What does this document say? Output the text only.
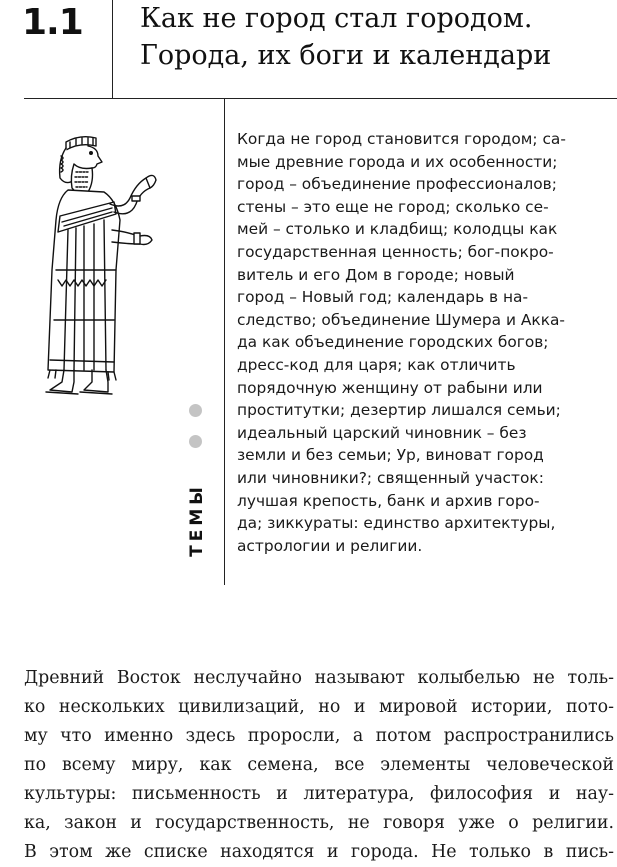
1.1 Как не город стал городом.
Города, их боги и календари
ТЕМЫ
Когда не город становится городом; са-
мые древние города и их особенности;
город – объединение профессионалов;
стены – это еще не город; сколько се-
мей – столько и кладбищ; колодцы как
государственная ценность; бог-покро-
витель и его Дом в городе; новый
город – Новый год; календарь в на-
следство; объединение Шумера и Акка-
да как объединение городских богов;
дресс-код для царя; как отличить
порядочную женщину от рабыни или
проститутки; дезертир лишался семьи;
идеальный царский чиновник – без
земли и без семьи; Ур, виноват город
или чиновники?; священный участок:
лучшая крепость, банк и архив горо-
да; зиккураты: единство архитектуры,
астрологии и религии.
Древний Восток неслучайно называют колыбелью не толь-
ко нескольких цивилизаций, но и мировой истории, пото-
му что именно здесь проросли, а потом распространились
по всему миру, как семена, все элементы человеческой
культуры: письменность и литература, философия и нау-
ка, закон и государственность, не говоря уже о религии.
В этом же списке находятся и города. Не только в пись-
